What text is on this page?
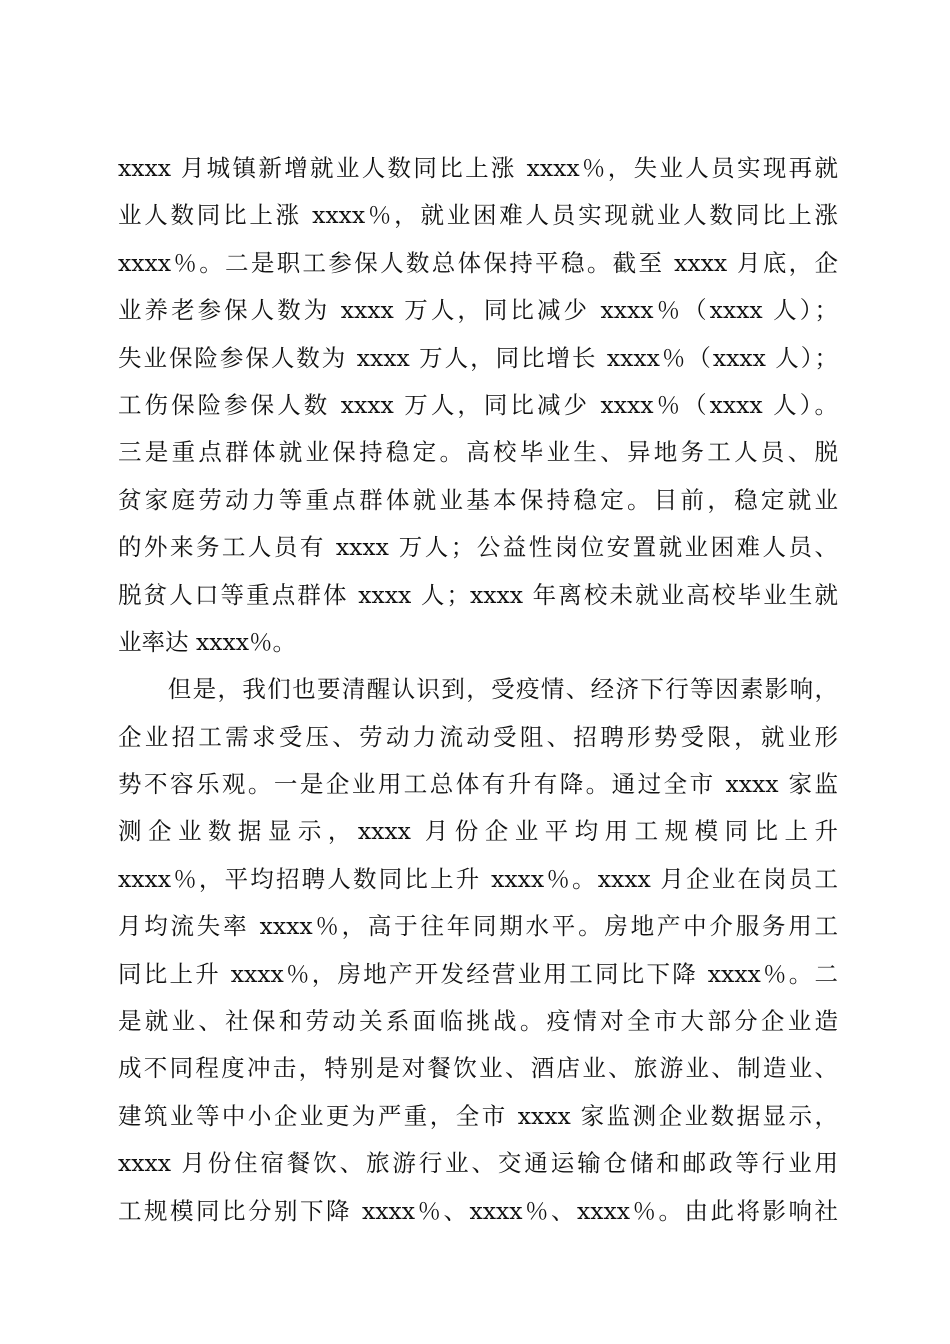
xxxx 月城镇新增就业人数同比上涨 xxxx％，失业人员实现再就
业人数同比上涨 xxxx％，就业困难人员实现就业人数同比上涨
xxxx％。二是职工参保人数总体保持平稳。截至 xxxx 月底，企
业养老参保人数为 xxxx 万人，同比减少 xxxx％（xxxx 人）；
失业保险参保人数为 xxxx 万人，同比增长 xxxx％（xxxx 人）；
工伤保险参保人数 xxxx 万人，同比减少 xxxx％（xxxx 人）。
三是重点群体就业保持稳定。高校毕业生、异地务工人员、脱
贫家庭劳动力等重点群体就业基本保持稳定。目前，稳定就业
的外来务工人员有 xxxx 万人；公益性岗位安置就业困难人员、
脱贫人口等重点群体 xxxx 人；xxxx 年离校未就业高校毕业生就
业率达 xxxx％。
　　但是，我们也要清醒认识到，受疫情、经济下行等因素影响，
企业招工需求受压、劳动力流动受阻、招聘形势受限，就业形
势不容乐观。一是企业用工总体有升有降。通过全市 xxxx 家监
测企业数据显示，xxxx 月份企业平均用工规模同比上升
xxxx％，平均招聘人数同比上升 xxxx％。xxxx 月企业在岗员工
月均流失率 xxxx％，高于往年同期水平。房地产中介服务用工
同比上升 xxxx％，房地产开发经营业用工同比下降 xxxx％。二
是就业、社保和劳动关系面临挑战。疫情对全市大部分企业造
成不同程度冲击，特别是对餐饮业、酒店业、旅游业、制造业、
建筑业等中小企业更为严重，全市 xxxx 家监测企业数据显示，
xxxx 月份住宿餐饮、旅游行业、交通运输仓储和邮政等行业用
工规模同比分别下降 xxxx％、xxxx％、xxxx％。由此将影响社
